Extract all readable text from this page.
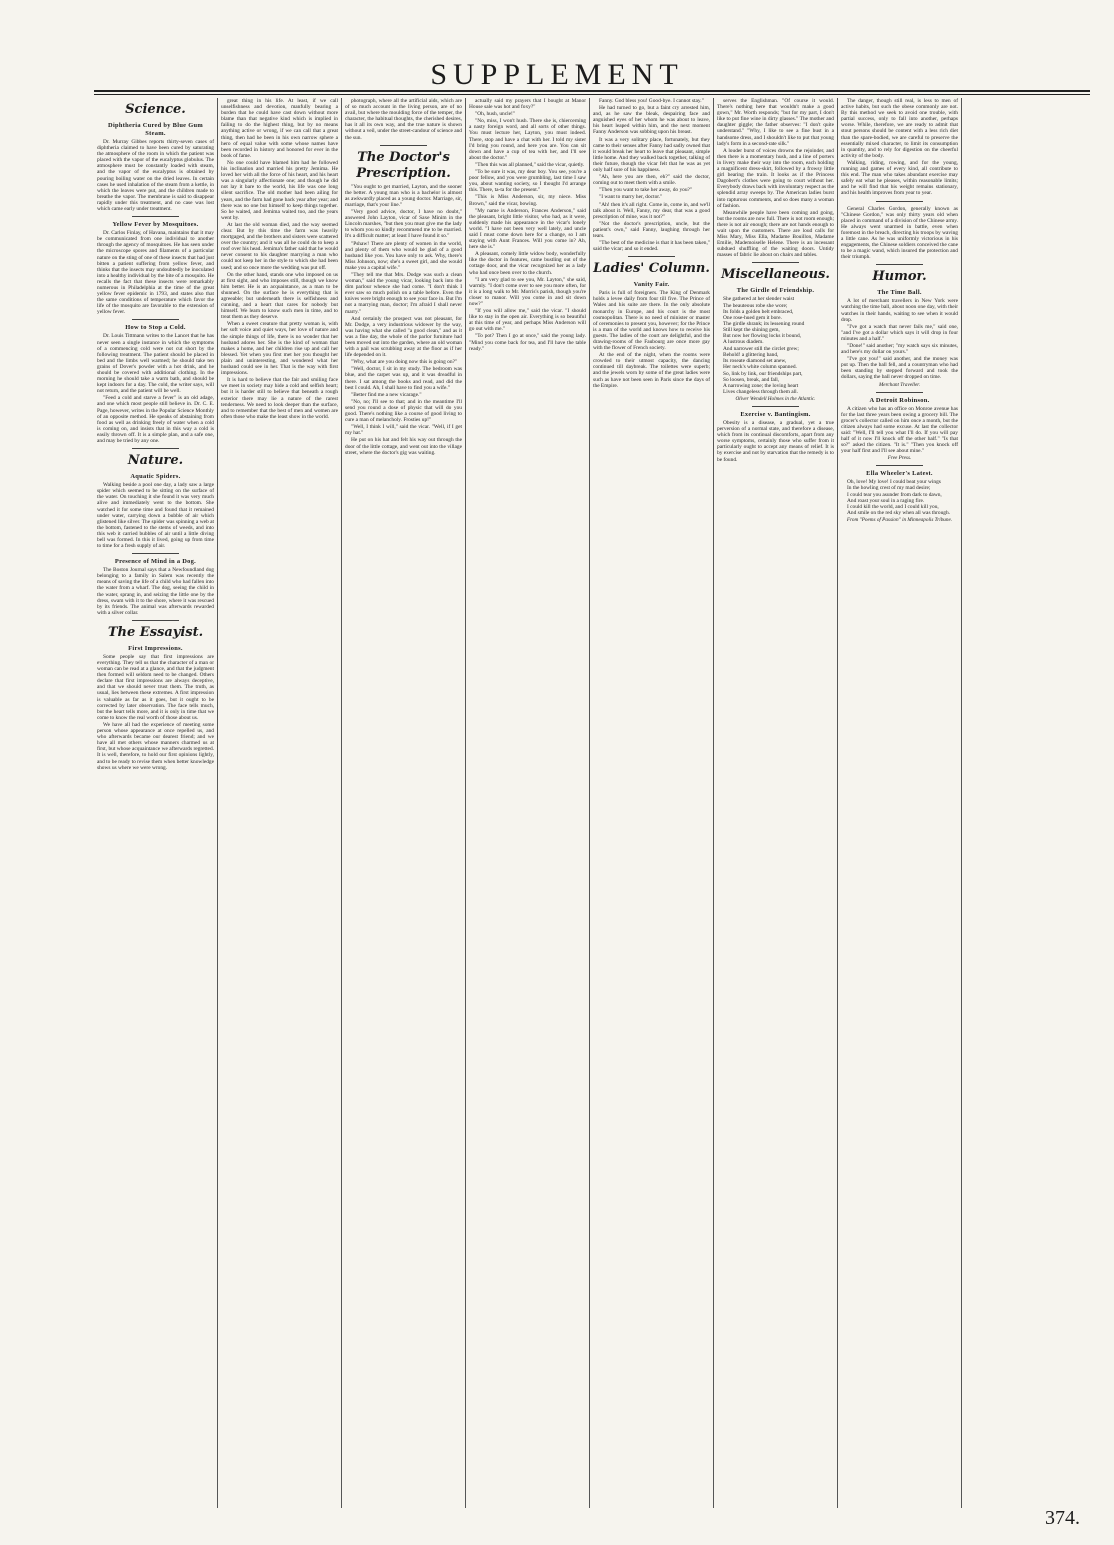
SUPPLEMENT
Science.
Diphtheria Cured by Blue Gum Steam.
Dr. Murray Gibbes reports thirty-seven cases of diphtheria claimed to have been cured by saturating the atmosphere of the room in which the patient was placed with the vapor of the eucalyptus globulus. The atmosphere must be constantly loaded with steam, and the vapor of the eucalyptus is obtained by pouring boiling water on the dried leaves. In certain cases he used inhalation of the steam from a kettle, in which the leaves were put, and the children made to breathe the vapor. The membrane is said to disappear rapidly under this treatment, and no case was lost which came early under treatment.
Yellow Fever by Mosquitoes.
Dr. Carlos Finlay, of Havana, maintains that it may be communicated from one individual to another through the agency of mosquitoes. He has seen under the microscope spores and filaments of a particular nature on the sting of one of these insects that had just bitten a patient suffering from yellow fever, and thinks that the insects may undoubtedly be inoculated into a healthy individual by the bite of a mosquito. He recalls the fact that these insects were remarkably numerous in Philadelphia at the time of the great yellow fever epidemic in 1793, and states also that the same conditions of temperature which favor the life of the mosquito are favorable to the extension of yellow fever.
How to Stop a Cold.
Dr. Louis Tittmann writes to the Lancet that he has never seen a single instance in which the symptoms of a commencing cold were not cut short by the following treatment. The patient should be placed in bed and the limbs well warmed; he should take ten grains of Dover's powder with a hot drink, and he should be covered with additional clothing. In the morning he should take a warm bath, and should be kept indoors for a day. The cold, the writer says, will not return, and the patient will be well.
"Feed a cold and starve a fever" is an old adage, and one which most people still believe in. Dr. C. E. Page, however, writes in the Popular Science Monthly of an opposite method. He speaks of abstaining from food as well as drinking freely of water when a cold is coming on, and insists that in this way a cold is easily thrown off. It is a simple plan, and a safe one, and may be tried by any one.
Nature.
Aquatic Spiders.
Walking beside a pool one day, a lady saw a large spider which seemed to be sitting on the surface of the water. On touching it she found it was very much alive and immediately went to the bottom. She watched it for some time and found that it remained under water, carrying down a bubble of air which glistened like silver. The spider was spinning a web at the bottom, fastened to the stems of weeds, and into this web it carried bubbles of air until a little diving bell was formed. In this it lived, going up from time to time for a fresh supply of air.
Presence of Mind in a Dog.
The Boston Journal says that a Newfoundland dog belonging to a family in Salem was recently the means of saving the life of a child who had fallen into the water from a wharf. The dog, seeing the child in the water, sprang in, and seizing the little one by the dress, swam with it to the shore, where it was rescued by its friends. The animal was afterwards rewarded with a silver collar.
The Essayist.
First Impressions.
Some people say that first impressions are everything. They tell us that the character of a man or woman can be read at a glance, and that the judgment then formed will seldom need to be changed. Others declare that first impressions are always deceptive, and that we should never trust them. The truth, as usual, lies between these extremes. A first impression is valuable as far as it goes, but it ought to be corrected by later observation. The face tells much, but the heart tells more, and it is only in time that we come to know the real worth of those about us.
We have all had the experience of meeting some person whose appearance at once repelled us, and who afterwards became our dearest friend; and we have all met others whose manners charmed us at first, but whose acquaintance we afterwards regretted. It is well, therefore, to hold our first opinions lightly, and to be ready to revise them when better knowledge shows us where we were wrong.
great thing in his life. At least, if we call unselfishness and devotion, manfully bearing a burden that he could have cast down without more blame than that negative kind which is implied in failing to do the highest thing, but by no means anything active or wrong, if we can call that a great thing, then had he been in his own narrow sphere a hero of equal value with some whose names have been recorded in history and honored for ever in the book of fame.
No one could have blamed him had he followed his inclination and married his pretty Jemima. He loved her with all the force of his heart, and his heart was a singularly affectionate one; and though he did not lay it bare to the world, his life was one long silent sacrifice. The old mother had been ailing for years, and the farm had gone back year after year; and there was no one but himself to keep things together. So he waited, and Jemima waited too, and the years went by.
At last the old woman died, and the way seemed clear. But by this time the farm was heavily mortgaged, and the brothers and sisters were scattered over the country; and it was all he could do to keep a roof over his head. Jemima's father said that he would never consent to his daughter marrying a man who could not keep her in the style to which she had been used; and so once more the wedding was put off.
On the other hand, stands one who imposed on us at first sight, and who imposes still, though we know him better. He is an acquaintance, as a man to be shunned. On the surface he is everything that is agreeable; but underneath there is selfishness and cunning, and a heart that cares for nobody but himself. We learn to know such men in time, and to treat them as they deserve.
When a sweet creature that pretty woman is, with her soft voice and quiet ways, her love of nature and the simple things of life, there is no wonder that her husband adores her. She is the kind of woman that makes a home, and her children rise up and call her blessed. Yet when you first met her you thought her plain and uninteresting, and wondered what her husband could see in her. That is the way with first impressions.
It is hard to believe that the fair and smiling face we meet in society may hide a cold and selfish heart; but it is harder still to believe that beneath a rough exterior there may lie a nature of the rarest tenderness. We need to look deeper than the surface, and to remember that the best of men and women are often those who make the least show in the world.
photograph, where all the artificial aids, which are of so much account in the living person, are of no avail, but where the moulding force of the temper, the character, the habitual thoughts, the cherished desires, has it all its own way, and the true nature is shown without a veil, under the street-candour of science and the sun.
The Doctor's Prescription.
"You ought to get married, Layton, and the sooner the better. A young man who is a bachelor is almost as awkwardly placed as a young doctor. Marriage, sir, marriage, that's your line."
"Very good advice, doctor, I have no doubt," answered John Layton, vicar of Saxe Minim in the Lincoln marshes, "but then you must give me the lady to whom you so kindly recommend me to be married. It's a difficult matter; at least I have found it so."
"Pshaw! There are plenty of women in the world, and plenty of them who would be glad of a good husband like you. You have only to ask. Why, there's Miss Johnson, now; she's a sweet girl, and she would make you a capital wife."
"They tell me that Mrs. Dodge was such a clean woman," said the young vicar, looking back into the dim parlour whence she had come. "I don't think I ever saw so much polish on a table before. Even the knives were bright enough to see your face in. But I'm not a marrying man, doctor; I'm afraid I shall never marry."
And certainly the prospect was not pleasant, for Mr. Dodge, a very industrious widower by the way, was having what she called "a good clean," and as it was a fine day, the whole of the parlor furniture had been moved out into the garden, where an old woman with a pail was scrubbing away at the floor as if her life depended on it.
"Why, what are you doing now this is going on?"
"Well, doctor, I sit in my study. The bedroom was blue, and the carpet was up, and it was dreadful in there. I sat among the books and read, and did the best I could. Ah, I shall have to find you a wife."
"Better find me a new vicarage."
"No, no; I'll see to that; and in the meantime I'll send you round a dose of physic that will do you good. There's nothing like a course of good living to cure a man of melancholy. Frosties up!"
"Well, I think I will," said the vicar. "Well, if I get my hat."
He put on his hat and felt his way out through the door of the little cottage, and went out into the village street, where the doctor's gig was waiting.
actually said my prayers that I bought at Manor House sale was hot and foxy?"
"Oh, hush, uncle!"
"No, miss, I won't hush. There she is, chiercerning a nasty foreign word, and all sorts of other things. You must lecture her, Layton, you must indeed. There, stop and have a chat with her. I told my sister I'd bring you round, and here you are. You can sit down and have a cup of tea with her, and I'll see about the doctor."
"Then this was all planned," said the vicar, quietly.
"To be sure it was, my dear boy. You see, you're a poor fellow, and you were grumbling, last time I saw you, about wanting society, so I thought I'd arrange this. There, ta-ta for the present."
"This is Miss Anderson, sir, my niece. Miss Brown," said the vicar, bowing.
"My name is Anderson, Frances Anderson," said the pleasant, bright little visitor, who had, as it were, suddenly made his appearance in the vicar's lonely world. "I have not been very well lately, and uncle said I must come down here for a change, so I am staying with Aunt Frances. Will you come in? Ah, here she is."
A pleasant, comely little widow body, wonderfully like the doctor in features, came bustling out of the cottage door, and the vicar recognized her as a lady who had once been over to the church.
"I am very glad to see you, Mr. Layton," she said, warmly. "I don't come over to see you more often, for it is a long walk to Mr. Morris's parish, though you're closer to manor. Will you come in and sit down now?"
"If you will allow me," said the vicar. "I should like to stay in the open air. Everything is so beautiful at this time of year, and perhaps Miss Anderson will go out with me."
"To pot? Then I go at once," said the young lady. "Mind you come back for tea, and I'll have the table ready."
Fanny. God bless you! Good-bye. I cannot stay."
He had turned to go, but a faint cry arrested him, and, as he saw the bleak, despairing face and anguished eyes of her whom he was about to leave, his heart leaped within him, and the next moment Fanny Anderson was sobbing upon his breast.
It was a very solitary place, fortunately, but they came to their senses after Fanny had sadly owned that it would break her heart to leave that pleasant, simple little home. And they walked back together, talking of their future, though the vicar felt that he was as yet only half sure of his happiness.
"Ah, here you are then, eh?" said the doctor, coming out to meet them with a smile.
"Then you want to take her away, do you?"
"I want to marry her, doctor."
"Ah! then it's all right. Come in, come in, and we'll talk about it. Well, Fanny, my dear, that was a good prescription of mine, was it not?"
"Not the doctor's prescription, uncle, but the patient's own," said Fanny, laughing through her tears.
"The best of the medicine is that it has been taken," said the vicar; and so it ended.
Ladies' Column.
Vanity Fair.
Paris is full of foreigners. The King of Denmark holds a levee daily from four till five. The Prince of Wales and his suite are there. In the only absolute monarchy in Europe, and his court is the most cosmopolitan. There is no need of minister or master of ceremonies to present you, however; for the Prince is a man of the world and knows how to receive his guests. The ladies of the court are delightful, and the drawing-rooms of the Faubourg are once more gay with the flower of French society.
At the end of the night, when the rooms were crowded to their utmost capacity, the dancing continued till daybreak. The toilettes were superb; and the jewels worn by some of the great ladies were such as have not been seen in Paris since the days of the Empire.
serves the Englishman. "Of course it would. There's nothing here that wouldn't make a good gown," Mr. Worth responds; "but for my part, I don't like to put fine wine in dirty glasses." The mother and daughter giggle; the father observes: "I don't quite understand." "Why, I like to see a fine bust in a handsome dress, and I shouldn't like to put that young lady's form in a second-rate silk."
A louder burst of voices drowns the rejoinder, and then there is a momentary hush, and a line of porters in livery make their way into the room, each holding a magnificent dress-skirt, followed by a frowsy little girl bearing the train. It looks as if the Princess Dagobert's clothes were going to court without her. Everybody draws back with involuntary respect as the splendid array sweeps by. The American ladies burst into rapturous comments, and so does many a woman of fashion.
Meanwhile people have been coming and going, but the rooms are now full. There is not room enough; there is not air enough; there are not hands enough to wait upon the customers. There are loud calls for Miss Mary, Miss Ella, Madame Bouillon, Madame Emilie, Mademoiselle Helene. There is an incessant subdued shuffling of the waiting doors. Untidy masses of fabric lie about on chairs and tables.
Miscellaneous.
The Girdle of Friendship.
She gathered at her slender waist
The beauteous robe she wore;
Its folds a golden belt embraced,
One rose-hued gem it bore.
The girdle shrank; its lessening round
Still kept the shining gem,
But now her flowing locks it bound,
A lustrous diadem.
And narrower still the circlet grew;
Behold! a glittering band,
Its roseate diamond set anew,
Her neck's white column spanned.
So, link by link, our friendships part,
So loosen, break, and fall,
A narrowing zone; the loving heart
Lives changeless through them all.
Oliver Wendell Holmes in the Atlantic.
Exercise v. Bantingism.
Obesity is a disease, a gradual, yet a true perversion of a normal state, and therefore a disease, which from its continual discomforts, apart from any worse symptoms, certainly those who suffer from it particularly ought to accept any means of relief. It is by exercise and not by starvation that the remedy is to be found.
The danger, though still real, is less to men of active habits, but such the obese commonly are not. By this method we seek to avoid one trouble, with partial success, only to fall into another, perhaps worse. While, therefore, we are ready to admit that stout persons should be content with a less rich diet than the spare-bodied, we are careful to preserve the essentially mixed character, to limit its consumption in quantity, and to rely for digestion on the cheerful activity of the body.
Walking, riding, rowing, and for the young, running and games of every kind, all contribute to this end. The man who takes abundant exercise may safely eat what he pleases, within reasonable limits; and he will find that his weight remains stationary, and his health improves from year to year.
General Charles Gordon, generally known as "Chinese Gordon," was only thirty years old when placed in command of a division of the Chinese army. He always went unarmed in battle, even when foremost in the breach, directing his troops by waving a little cane. As he was uniformly victorious in his engagements, the Chinese soldiers conceived the cane to be a magic wand, which insured the protection and their triumph.
Humor.
The Time Ball.
A lot of merchant travellers in New York were watching the time ball, about noon one day, with their watches in their hands, waiting to see when it would drop.
"I've got a watch that never fails me," said one, "and I've got a dollar which says it will drop in four minutes and a half."
"Done!" said another; "my watch says six minutes, and here's my dollar on yours."
"I've got you!" said another, and the money was put up. Then the ball fell, and a countryman who had been standing by stepped forward and took the dollars, saying the ball never dropped on time.
Merchant Traveller.
A Detroit Robinson.
A citizen who has an office on Monroe avenue has for the last three years been owing a grocery bill. The grocer's collector called on him once a month, but the citizen always had some excuse. At last the collector said: "Well, I'll tell you what I'll do. If you will pay half of it now I'll knock off the other half." "Is that so?" asked the citizen. "It is." "Then you knock off your half first and I'll see about mine."
Free Press.
Ella Wheeler's Latest.
Oh, love! My love! I could beat your wings
In the howling crest of my mad desire;
I could tear you asunder from dark to dawn,
And roast your soul in a raging fire.
I could kill the world, and I could kill you,
And smile on the red sky when all was through.
From "Poems of Passion" in Minneapolis Tribune.
374.
